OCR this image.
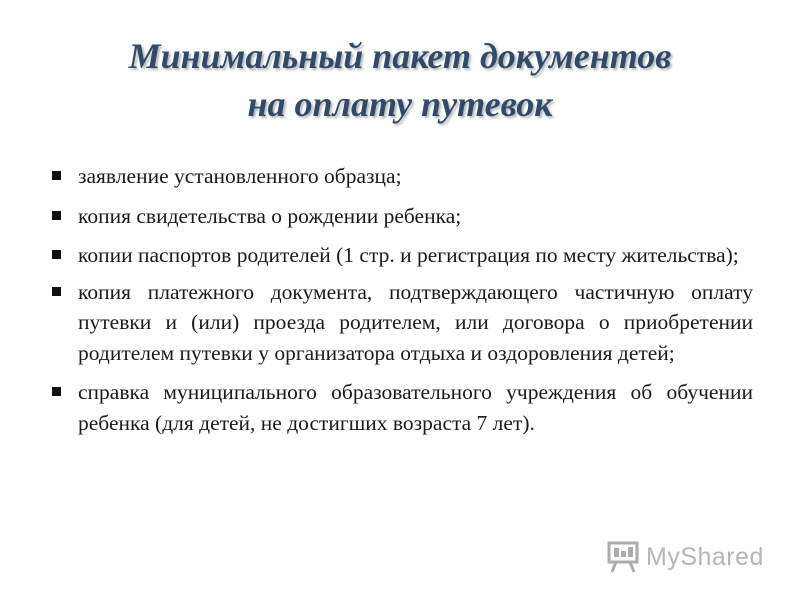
Минимальный пакет документов
на оплату путевок
заявление установленного образца;
копия свидетельства о рождении ребенка;
копии паспортов родителей (1 стр. и регистрация по месту жительства);
копия платежного документа, подтверждающего частичную оплату путевки и (или) проезда родителем, или договора о приобретении родителем путевки у организатора отдыха и оздоровления детей;
справка муниципального образовательного учреждения об обучении ребенка (для детей, не достигших возраста 7 лет).
MyShared
